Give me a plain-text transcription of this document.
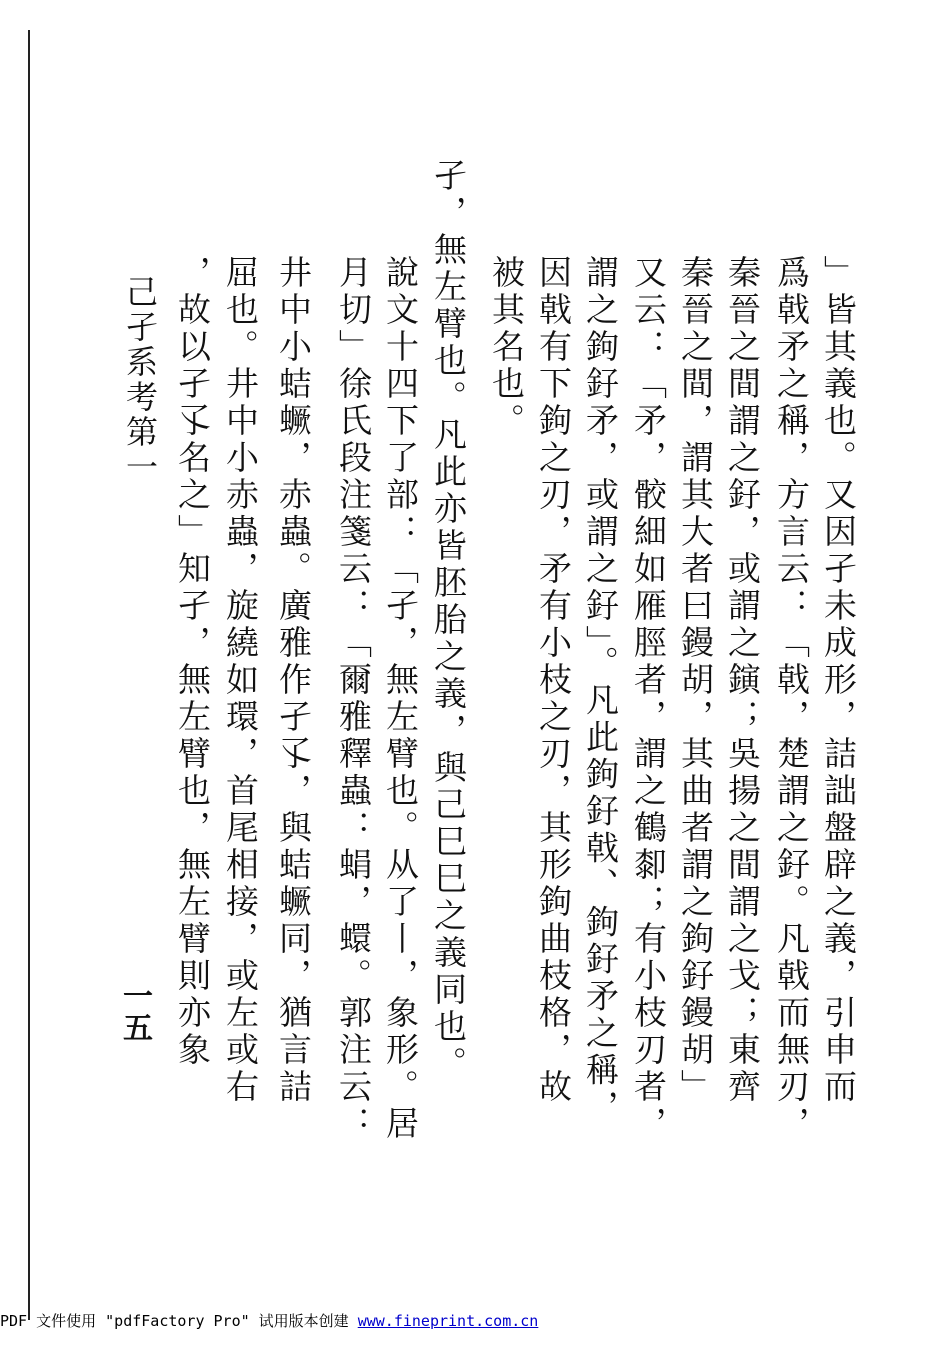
」皆其義也。又因孑未成形，詰詘盤辟之義，引申而
爲戟矛之稱，方言云：「戟，楚謂之釨。凡戟而無刃，
秦晉之間謂之釨，或謂之鏔；吳揚之間謂之戈；東齊
秦晉之間，謂其大者曰鏝胡，其曲者謂之鉤釨鏝胡」
又云：「矛，骹細如雁脛者，謂之鶴厀；有小枝刃者，
謂之鉤釨矛，或謂之釨」。凡此鉤釨戟、鉤釨矛之稱，
因戟有下鉤之刃，矛有小枝之刃，其形鉤曲枝格，故
被其名也。
孑，無左臂也。凡此亦皆胚胎之義，與己巳巳之義同也。
說文十四下了部：「孑，無左臂也。从了丨，象形。居
月切」徐氏段注箋云：「爾雅釋蟲：蜎，蠉。郭注云：
井中小蛣蟩，赤蟲。廣雅作孑孓，與蛣蟩同，猶言詰
屈也。井中小赤蟲，旋繞如環，首尾相接，或左或右
，故以孑孓名之」知孑，無左臂也，無左臂則亦象
己孑系考第一
一五
PDF 文件使用 "pdfFactory Pro" 试用版本创建 www.fineprint.com.cn
